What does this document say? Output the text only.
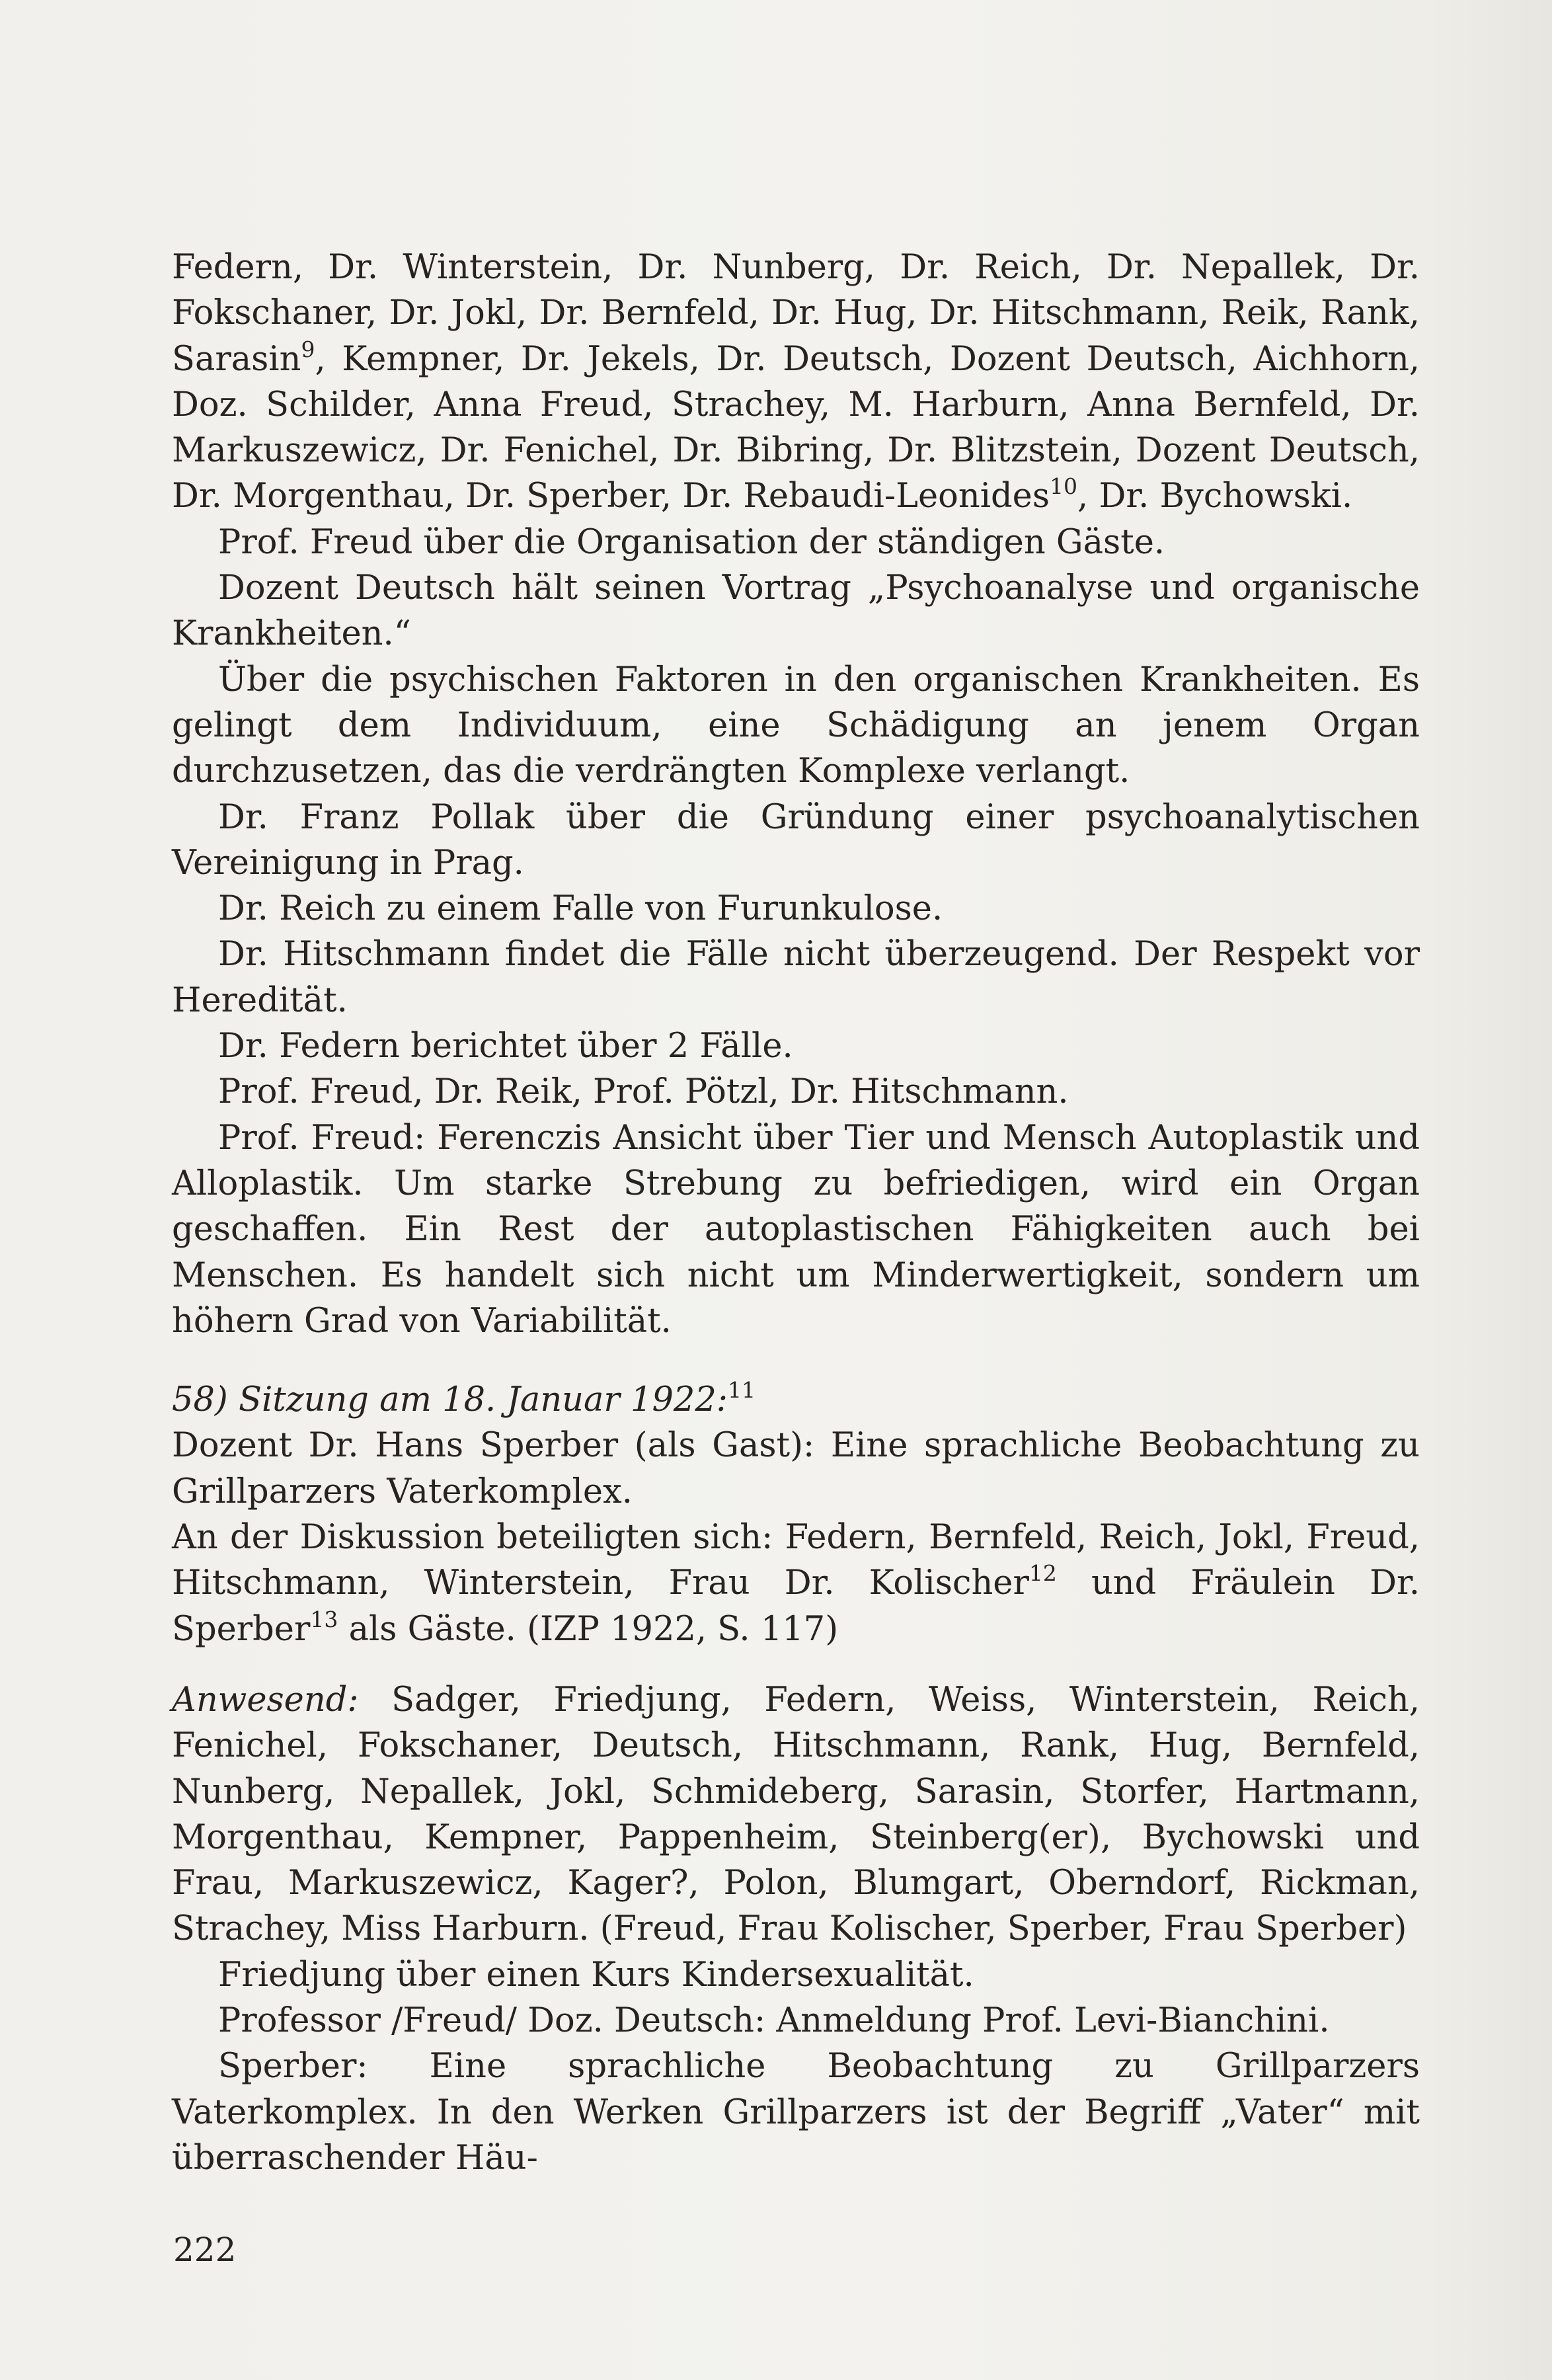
Federn, Dr. Winterstein, Dr. Nunberg, Dr. Reich, Dr. Nepallek, Dr. Fokschaner, Dr. Jokl, Dr. Bernfeld, Dr. Hug, Dr. Hitschmann, Reik, Rank, Sarasin$^9$, Kempner, Dr. Jekels, Dr. Deutsch, Dozent Deutsch, Aichhorn, Doz. Schilder, Anna Freud, Strachey, M. Harburn, Anna Bernfeld, Dr. Markuszewicz, Dr. Fenichel, Dr. Bibring, Dr. Blitzstein, Dozent Deutsch, Dr. Morgenthau, Dr. Sperber, Dr. Rebaudi-Leonides$^{10}$, Dr. Bychowski.

Prof. Freud über die Organisation der ständigen Gäste.

Dozent Deutsch hält seinen Vortrag „Psychoanalyse und organische Krankheiten.“

Über die psychischen Faktoren in den organischen Krankheiten. Es gelingt dem Individuum, eine Schädigung an jenem Organ durchzusetzen, das die verdrängten Komplexe verlangt.

Dr. Franz Pollak über die Gründung einer psychoanalytischen Vereinigung in Prag.

Dr. Reich zu einem Falle von Furunkulose.

Dr. Hitschmann findet die Fälle nicht überzeugend. Der Respekt vor Heredität.

Dr. Federn berichtet über 2 Fälle.

Prof. Freud, Dr. Reik, Prof. Pötzl, Dr. Hitschmann.

Prof. Freud: Ferenczis Ansicht über Tier und Mensch Autoplastik und Alloplastik. Um starke Strebung zu befriedigen, wird ein Organ geschaffen. Ein Rest der autoplastischen Fähigkeiten auch bei Menschen. Es handelt sich nicht um Minderwertigkeit, sondern um höhern Grad von Variabilität.

58) Sitzung am 18. Januar 1922:$^{11}$

Dozent Dr. Hans Sperber (als Gast): Eine sprachliche Beobachtung zu Grillparzers Vaterkomplex.

An der Diskussion beteiligten sich: Federn, Bernfeld, Reich, Jokl, Freud, Hitschmann, Winterstein, Frau Dr. Kolischer$^{12}$ und Fräulein Dr. Sperber$^{13}$ als Gäste. (IZP 1922, S. 117)

Anwesend: Sadger, Friedjung, Federn, Weiss, Winterstein, Reich, Fenichel, Fokschaner, Deutsch, Hitschmann, Rank, Hug, Bernfeld, Nunberg, Nepallek, Jokl, Schmideberg, Sarasin, Storfer, Hartmann, Morgenthau, Kempner, Pappenheim, Steinberg(er), Bychowski und Frau, Markuszewicz, Kager?, Polon, Blumgart, Oberndorf, Rickman, Strachey, Miss Harburn. (Freud, Frau Kolischer, Sperber, Frau Sperber)

Friedjung über einen Kurs Kindersexualität.

Professor /Freud/ Doz. Deutsch: Anmeldung Prof. Levi-Bianchini.

Sperber: Eine sprachliche Beobachtung zu Grillparzers Vaterkomplex. In den Werken Grillparzers ist der Begriff „Vater“ mit überraschender Häu-

222
